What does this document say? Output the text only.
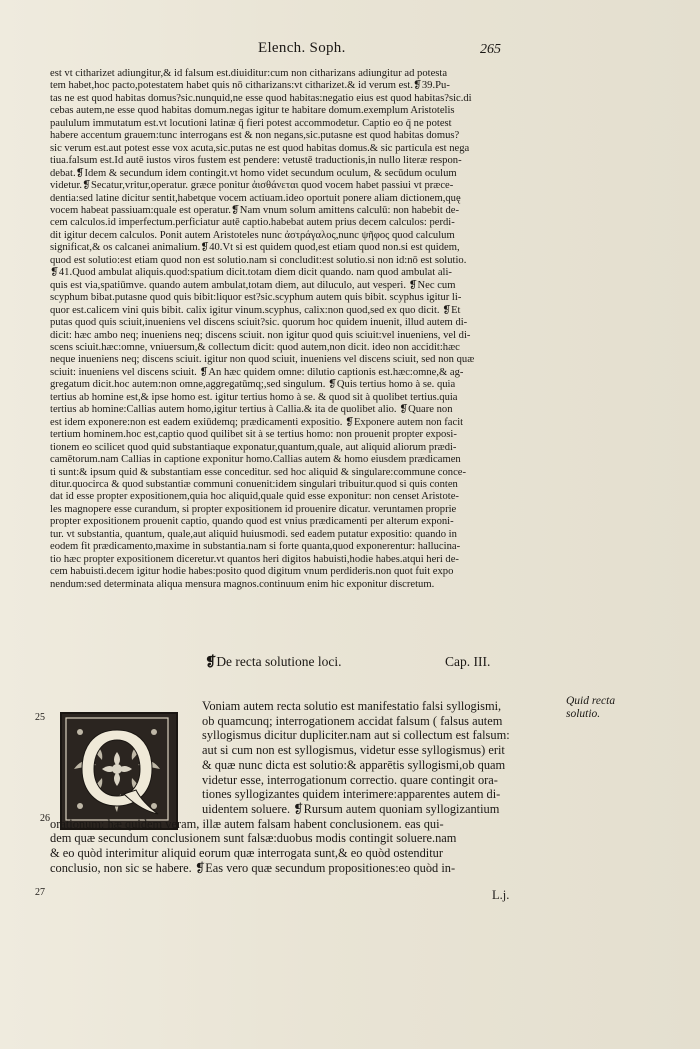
Elench. Soph.	265
est vt citharizet adiungitur,& id falsum est.diuiditur:cum non citharizans adiungitur ad potesta
tem habet,hoc pacto,potestatem habet quis nō citharizans:vt citharizet.& id verum est.❡39.Pu-
tas ne est quod habitas domus?sic.nunquid,ne esse quod habitas:negatio eius est quod habitas?sic.di
cebas autem,ne esse quod habitas domum.negas igitur te habitare domum.exemplum Aristotelis
paululum immutatum est.vt locutioni latinæ q̄ fieri potest accommodetur. Captio eo q̄ ne potest
habere accentum grauem:tunc interrogans est & non negans,sic.putasne est quod habitas domus?
sic verum est.aut potest esse vox acuta,sic.putas ne est quod habitas domus.& sic particula est nega
tiua.falsum est.Id autē iustos viros fustem est pendere: vetustē traductionis,in nullo literæ respon-
debat.❡Idem & secundum idem contingit.vt homo videt secundum oculum, & secūdum oculum
videtur.❡Secatur,vritur,operatur. græce ponitur ἀισθάνεται quod vocem habet passiui vt præce-
dentia:sed latine dicitur sentit,habetque vocem actiuam.ideo oportuit ponere aliam dictionem,quę
vocem habeat passiuam:quale est operatur.❡Nam vnum solum amittens calculū: non habebit de-
cem calculos.id imperfectum.perficiatur autē captio.habebat autem prius decem calculos: perdi-
dit igitur decem calculos. Ponit autem Aristoteles nunc ἀστράγαλος,nunc ψῆφος quod calculum
significat,& os calcanei animalium.❡40.Vt si est quidem quod,est etiam quod non.si est quidem,
quod est solutio:est etiam quod non est solutio.nam si concludit:est solutio.si non id:nō est solutio.
❡41.Quod ambulat aliquis.quod:spatium dicit.totam diem dicit quando. nam quod ambulat ali-
quis est via,spatiūmve. quando autem ambulat,totam diem, aut diluculo, aut vesperi. ❡Nec cum
scyphum bibat.putasne quod quis bibit:liquor est?sic.scyphum autem quis bibit. scyphus igitur li-
quor est.calicem vini quis bibit. calix igitur vinum.scyphus, calix:non quod,sed ex quo dicit. ❡Et
putas quod quis sciuit,inueniens vel discens sciuit?sic. quorum hoc quidem inuenit, illud autem di-
dicit: hæc ambo neq; inueniens neq; discens sciuit. non igitur quod quis sciuit:vel inueniens, vel di-
scens sciuit.hæc:omne, vniuersum,& collectum dicit: quod autem,non dicit. ideo non accidit:hæc
neque inueniens neq; discens sciuit. igitur non quod sciuit, inueniens vel discens sciuit, sed non quæ
sciuit: inueniens vel discens sciuit. ❡An hæc quidem omne: dilutio captionis est.hæc:omne,& ag-
gregatum dicit.hoc autem:non omne,aggregatūmq;,sed singulum. ❡Quis tertius homo à se. quia
tertius ab homine est,& ipse homo est. igitur tertius homo à se. & quod sit à quolibet tertius.quia
tertius ab homine:Callias autem homo,igitur tertius à Callia.& ita de quolibet alio. ❡Quare non
est idem exponere:non est eadem exiūdemq; prædicamenti expositio. ❡Exponere autem non facit
tertium hominem.hoc est,captio quod quilibet sit à se tertius homo: non prouenit propter exposi-
tionem eo scilicet quod quid substantiaque exponatur,quantum,quale, aut aliquid aliorum prædi-
camētorum.nam Callias in captione exponitur homo.Callias autem & homo eiusdem prædicamen
ti sunt:& ipsum quid & substantiam esse conceditur. sed hoc aliquid & singulare:commune conce-
ditur.quocirca & quod substantiæ communi conuenit:idem singulari tribuitur.quod si quis conten
dat id esse propter expositionem,quia hoc aliquid,quale quid esse exponitur: non censet Aristote-
les magnopere esse curandum, si propter expositionem id prouenire dicatur. veruntamen proprie
propter expositionem prouenit captio, quando quod est vnius prædicamenti per alterum exponi-
tur. vt substantia, quantum, quale,aut aliquid huiusmodi. sed eadem putatur expositio: quando in
eodem fit prædicamento,maxime in substantia.nam si forte quanta,quod exponerentur: hallucina-
tio hæc propter expositionem diceretur.vt quantos heri digitos habuisti,hodie habes.atqui heri de-
cem habuisti.decem igitur hodie habes:posito quod digitum vnum perdideris.non quot fuit expo
nendum:sed determinata aliqua mensura magnos.continuum enim hic exponitur discretum.
❡De recta solutione loci.	Cap. III.
Voniam autem recta solutio est manifestatio falsi syllogismi,
ob quamcunq; interrogationem accidat falsum ( falsus autem
syllogismus dicitur dupliciter.nam aut si collectum est falsum:
aut si cum non est syllogismus, videtur esse syllogismus) erit
& quæ nunc dicta est solutio:& apparētis syllogismi,ob quam
videtur esse, interrogationum correctio. quare contingit ora-
tiones syllogizantes quidem interimere:apparentes autem di-
uidentem soluere. ❡Rursum autem quoniam syllogizantium
orationum: hæ quidem veram, illæ autem falsam habent conclusionem. eas qui-
dem quæ secundum conclusionem sunt falsæ:duobus modis contingit soluere.nam
& eo quòd interimitur aliquid eorum quæ interrogata sunt,& eo quòd ostenditur
conclusio, non sic se habere. ❡Eas vero quæ secundum propositiones:eo quòd in-
Quid recta solutio.
25
26
27	L.j.
